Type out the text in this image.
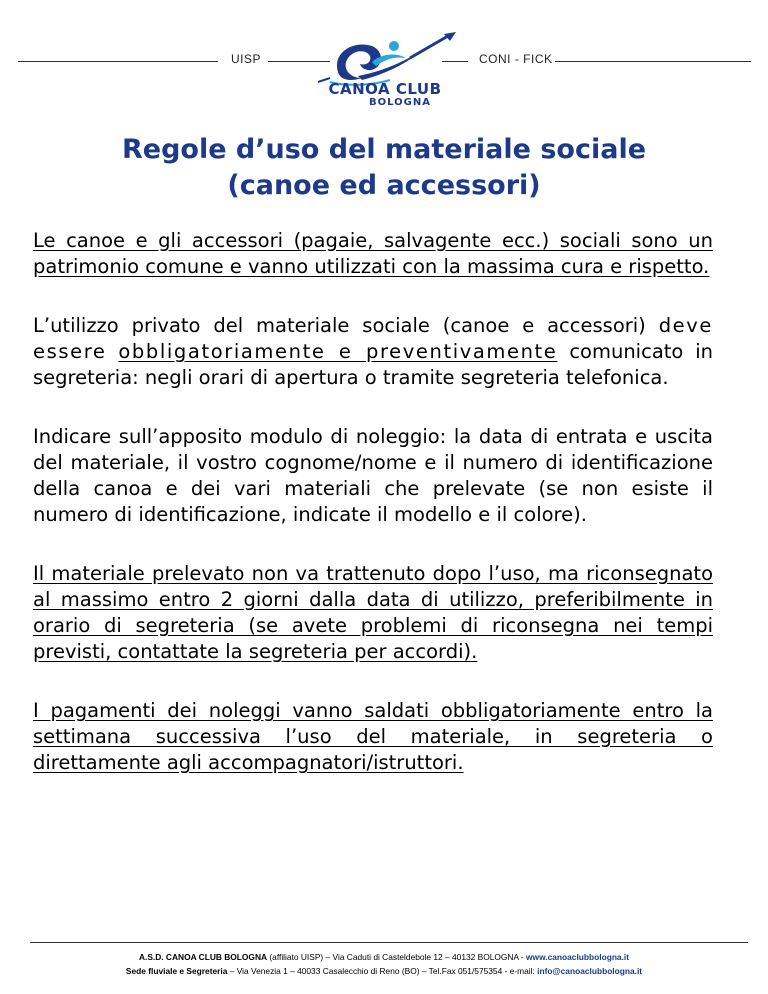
UISP	CONI - FICK
CANOA CLUB
BOLOGNA
Regole d’uso del materiale sociale
(canoe ed accessori)

Le canoe e gli accessori (pagaie, salvagente ecc.) sociali sono un patrimonio comune e vanno utilizzati con la massima cura e rispetto.

L’utilizzo privato del materiale sociale (canoe e accessori) deve essere obbligatoriamente e preventivamente comunicato in segreteria: negli orari di apertura o tramite segreteria telefonica.

Indicare sull’apposito modulo di noleggio: la data di entrata e uscita del materiale, il vostro cognome/nome e il numero di identificazione della canoa e dei vari materiali che prelevate (se non esiste il numero di identificazione, indicate il modello e il colore).

Il materiale prelevato non va trattenuto dopo l’uso, ma riconsegnato al massimo entro 2 giorni dalla data di utilizzo, preferibilmente in orario di segreteria (se avete problemi di riconsegna nei tempi previsti, contattate la segreteria per accordi).

I pagamenti dei noleggi vanno saldati obbligatoriamente entro la settimana successiva l’uso del materiale, in segreteria o direttamente agli accompagnatori/istruttori.

A.S.D. CANOA CLUB BOLOGNA (affiliato UISP) – Via Caduti di Casteldebole 12 – 40132 BOLOGNA - www.canoaclubbologna.it
Sede fluviale e Segreteria – Via Venezia 1 – 40033 Casalecchio di Reno (BO) – Tel.Fax 051/575354 - e-mail: info@canoaclubbologna.it
